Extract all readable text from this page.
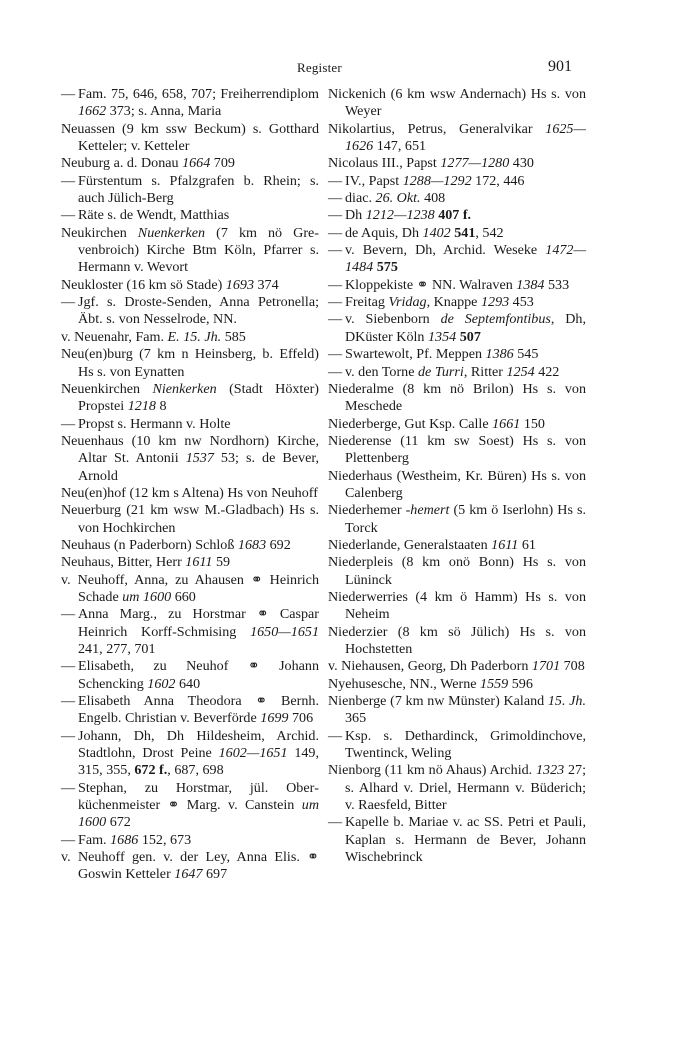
Register	901

— Fam. 75, 646, 658, 707; Freiherrendiplom 1662 373; s. Anna, Maria

Neuassen (9 km ssw Beckum) s. Gotthard Ketteler; v. Ketteler

Neuburg a. d. Donau 1664 709

— Fürstentum s. Pfalzgrafen b. Rhein; s. auch Jülich-Berg

— Räte s. de Wendt, Matthias

Neukirchen Nuenkerken (7 km nö Grevenbroich) Kirche Btm Köln, Pfarrer s. Hermann v. Wevort

Neukloster (16 km sö Stade) 1693 374

— Jgf. s. Droste-Senden, Anna Petronella; Äbt. s. von Nesselrode, NN.

v. Neuenahr, Fam. E. 15. Jh. 585

Neu(en)burg (7 km n Heinsberg, b. Effeld) Hs s. von Eynatten

Neuenkirchen Nienkerken (Stadt Höxter) Propstei 1218 8

— Propst s. Hermann v. Holte

Neuenhaus (10 km nw Nordhorn) Kirche, Altar St. Antonii 1537 53; s. de Bever, Arnold

Neu(en)hof (12 km s Altena) Hs von Neuhoff

Neuerburg (21 km wsw M.-Gladbach) Hs s. von Hochkirchen

Neuhaus (n Paderborn) Schloß 1683 692

Neuhaus, Bitter, Herr 1611 59

v. Neuhoff, Anna, zu Ahausen ⚭ Heinrich Schade um 1600 660

— Anna Marg., zu Horstmar ⚭ Caspar Heinrich Korff-Schmising 1650—1651 241, 277, 701

— Elisabeth, zu Neuhof ⚭ Johann Schencking 1602 640

— Elisabeth Anna Theodora ⚭ Bernh. Engelb. Christian v. Beverförde 1699 706

— Johann, Dh, Dh Hildesheim, Archid. Stadtlohn, Drost Peine 1602—1651 149, 315, 355, 672 f., 687, 698

— Stephan, zu Horstmar, jül. Oberküchenmeister ⚭ Marg. v. Canstein um 1600 672

— Fam. 1686 152, 673

v. Neuhoff gen. v. der Ley, Anna Elis. ⚭ Goswin Ketteler 1647 697

Nickenich (6 km wsw Andernach) Hs s. von Weyer

Nikolartius, Petrus, Generalvikar 1625—1626 147, 651

Nicolaus III., Papst 1277—1280 430

— IV., Papst 1288—1292 172, 446

— diac. 26. Okt. 408

— Dh 1212—1238 407 f.

— de Aquis, Dh 1402 541, 542

— v. Bevern, Dh, Archid. Weseke 1472—1484 575

— Kloppekiste ⚭ NN. Walraven 1384 533

— Freitag Vridag, Knappe 1293 453

— v. Siebenborn de Septemfontibus, Dh, DKüster Köln 1354 507

— Swartewolt, Pf. Meppen 1386 545

— v. den Torne de Turri, Ritter 1254 422

Niederalme (8 km nö Brilon) Hs s. von Meschede

Niederberge, Gut Ksp. Calle 1661 150

Niederense (11 km sw Soest) Hs s. von Plettenberg

Niederhaus (Westheim, Kr. Büren) Hs s. von Calenberg

Niederhemer -hemert (5 km ö Iserlohn) Hs s. Torck

Niederlande, Generalstaaten 1611 61

Niederpleis (8 km onö Bonn) Hs s. von Lüninck

Niederwerries (4 km ö Hamm) Hs s. von Neheim

Niederzier (8 km sö Jülich) Hs s. von Hochstetten

v. Niehausen, Georg, Dh Paderborn 1701 708

Nyehusesche, NN., Werne 1559 596

Nienberge (7 km nw Münster) Kaland 15. Jh. 365

— Ksp. s. Dethardinck, Grimoldinchove, Twentinck, Weling

Nienborg (11 km nö Ahaus) Archid. 1323 27; s. Alhard v. Driel, Hermann v. Büderich; v. Raesfeld, Bitter

— Kapelle b. Mariae v. ac SS. Petri et Pauli, Kaplan s. Hermann de Bever, Johann Wischebrinck
